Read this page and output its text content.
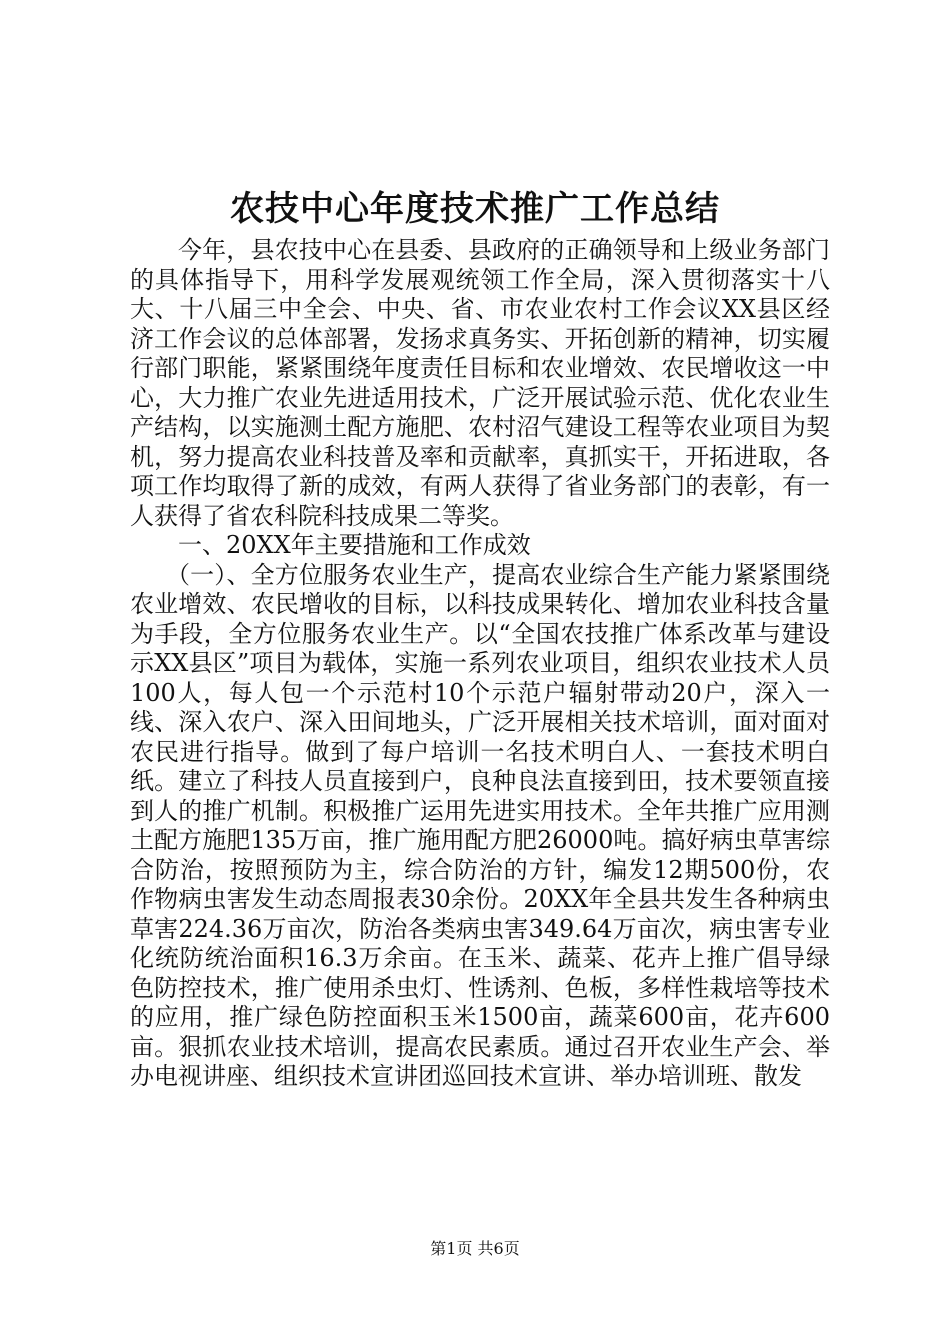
农技中心年度技术推广工作总结

今年，县农技中心在县委、县政府的正确领导和上级业务部门的具体指导下，用科学发展观统领工作全局，深入贯彻落实十八大、十八届三中全会、中央、省、市农业农村工作会议XX县区经济工作会议的总体部署，发扬求真务实、开拓创新的精神，切实履行部门职能，紧紧围绕年度责任目标和农业增效、农民增收这一中心，大力推广农业先进适用技术，广泛开展试验示范、优化农业生产结构，以实施测土配方施肥、农村沼气建设工程等农业项目为契机，努力提高农业科技普及率和贡献率，真抓实干，开拓进取，各项工作均取得了新的成效，有两人获得了省业务部门的表彰，有一人获得了省农科院科技成果二等奖。

一、20XX年主要措施和工作成效

（一）、全方位服务农业生产，提高农业综合生产能力紧紧围绕农业增效、农民增收的目标，以科技成果转化、增加农业科技含量为手段，全方位服务农业生产。以“全国农技推广体系改革与建设示XX县区”项目为载体，实施一系列农业项目，组织农业技术人员100人，每人包一个示范村10个示范户辐射带动20户，深入一线、深入农户、深入田间地头，广泛开展相关技术培训，面对面对农民进行指导。做到了每户培训一名技术明白人、一套技术明白纸。建立了科技人员直接到户，良种良法直接到田，技术要领直接到人的推广机制。积极推广运用先进实用技术。全年共推广应用测土配方施肥135万亩，推广施用配方肥26000吨。搞好病虫草害综合防治，按照预防为主，综合防治的方针，编发12期500份，农作物病虫害发生动态周报表30余份。20XX年全县共发生各种病虫草害224.36万亩次，防治各类病虫害349.64万亩次，病虫害专业化统防统治面积16.3万余亩。在玉米、蔬菜、花卉上推广倡导绿色防控技术，推广使用杀虫灯、性诱剂、色板，多样性栽培等技术的应用，推广绿色防控面积玉米1500亩，蔬菜600亩，花卉600亩。狠抓农业技术培训，提高农民素质。通过召开农业生产会、举办电视讲座、组织技术宣讲团巡回技术宣讲、举办培训班、散发

第1页 共6页
